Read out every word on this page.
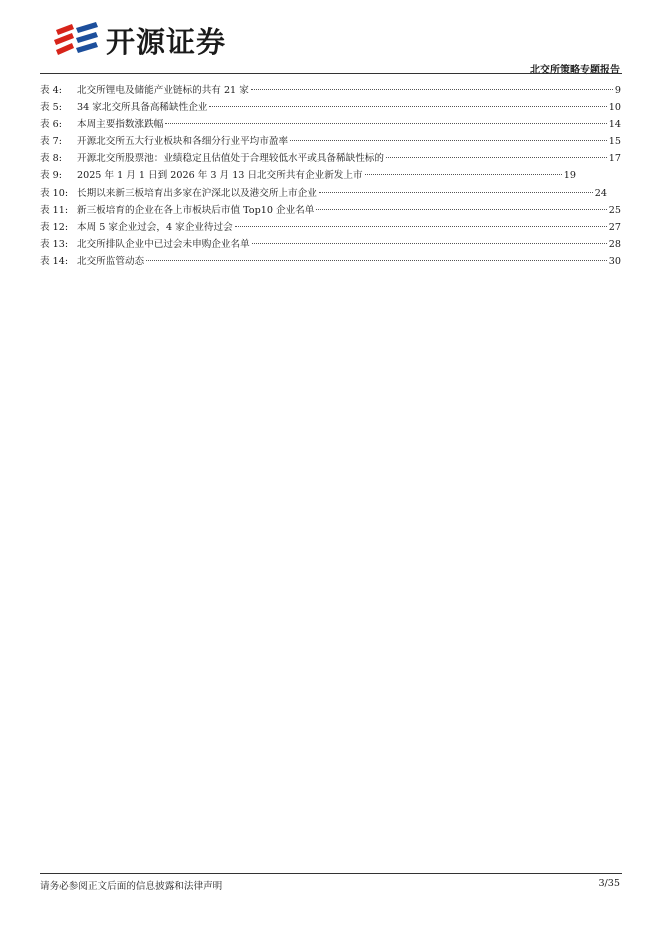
开源证券
北交所策略专题报告
表 4:	北交所锂电及储能产业链标的共有 21 家	9
表 5:	34 家北交所具备高稀缺性企业	10
表 6:	本周主要指数涨跌幅	14
表 7:	开源北交所五大行业板块和各细分行业平均市盈率	15
表 8:	开源北交所股票池：业绩稳定且估值处于合理较低水平或具备稀缺性标的	17
表 9:	2025 年 1 月 1 日到 2026 年 3 月 13 日北交所共有企业新发上市	19
表 10: 长期以来新三板培育出多家在沪深北以及港交所上市企业	24
表 11: 新三板培育的企业在各上市板块后市值 Top10 企业名单	25
表 12: 本周 5 家企业过会，4 家企业待过会	27
表 13: 北交所排队企业中已过会未申购企业名单	28
表 14: 北交所监管动态	30
请务必参阅正文后面的信息披露和法律声明	3/35
